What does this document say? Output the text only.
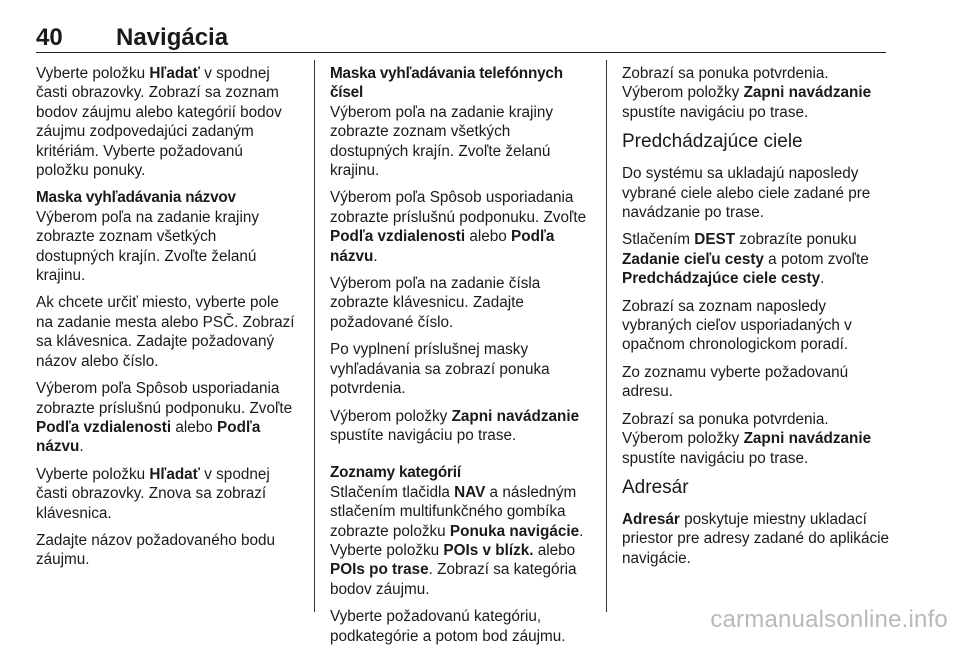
40 Navigácia

Vyberte položku Hľadať v spodnej časti obrazovky. Zobrazí sa zoznam bodov záujmu alebo kategórií bodov záujmu zodpovedajúci zadaným kritériám. Vyberte požadovanú položku ponuky.

Maska vyhľadávania názvov

Výberom poľa na zadanie krajiny zobrazte zoznam všetkých dostupných krajín. Zvoľte želanú krajinu.

Ak chcete určiť miesto, vyberte pole na zadanie mesta alebo PSČ. Zobrazí sa klávesnica. Zadajte požadovaný názov alebo číslo.

Výberom poľa Spôsob usporiadania zobrazte príslušnú podponuku. Zvoľte Podľa vzdialenosti alebo Podľa názvu.

Vyberte položku Hľadať v spodnej časti obrazovky. Znova sa zobrazí klávesnica.

Zadajte názov požadovaného bodu záujmu.

Maska vyhľadávania telefónnych čísel

Výberom poľa na zadanie krajiny zobrazte zoznam všetkých dostupných krajín. Zvoľte želanú krajinu.

Výberom poľa Spôsob usporiadania zobrazte príslušnú podponuku. Zvoľte Podľa vzdialenosti alebo Podľa názvu.

Výberom poľa na zadanie čísla zobrazte klávesnicu. Zadajte požadované číslo.

Po vyplnení príslušnej masky vyhľadávania sa zobrazí ponuka potvrdenia.

Výberom položky Zapni navádzanie spustíte navigáciu po trase.

Zoznamy kategórií

Stlačením tlačidla NAV a následným stlačením multifunkčného gombíka zobrazte položku Ponuka navigácie. Vyberte položku POIs v blízk. alebo POIs po trase. Zobrazí sa kategória bodov záujmu.

Vyberte požadovanú kategóriu, podkategórie a potom bod záujmu.

Zobrazí sa ponuka potvrdenia.

Výberom položky Zapni navádzanie spustíte navigáciu po trase.

Predchádzajúce ciele

Do systému sa ukladajú naposledy vybrané ciele alebo ciele zadané pre navádzanie po trase.

Stlačením DEST zobrazíte ponuku Zadanie cieľu cesty a potom zvoľte Predchádzajúce ciele cesty.

Zobrazí sa zoznam naposledy vybraných cieľov usporiadaných v opačnom chronologickom poradí.

Zo zoznamu vyberte požadovanú adresu.

Zobrazí sa ponuka potvrdenia.

Výberom položky Zapni navádzanie spustíte navigáciu po trase.

Adresár

Adresár poskytuje miestny ukladací priestor pre adresy zadané do aplikácie navigácie.

carmanualsonline.info
